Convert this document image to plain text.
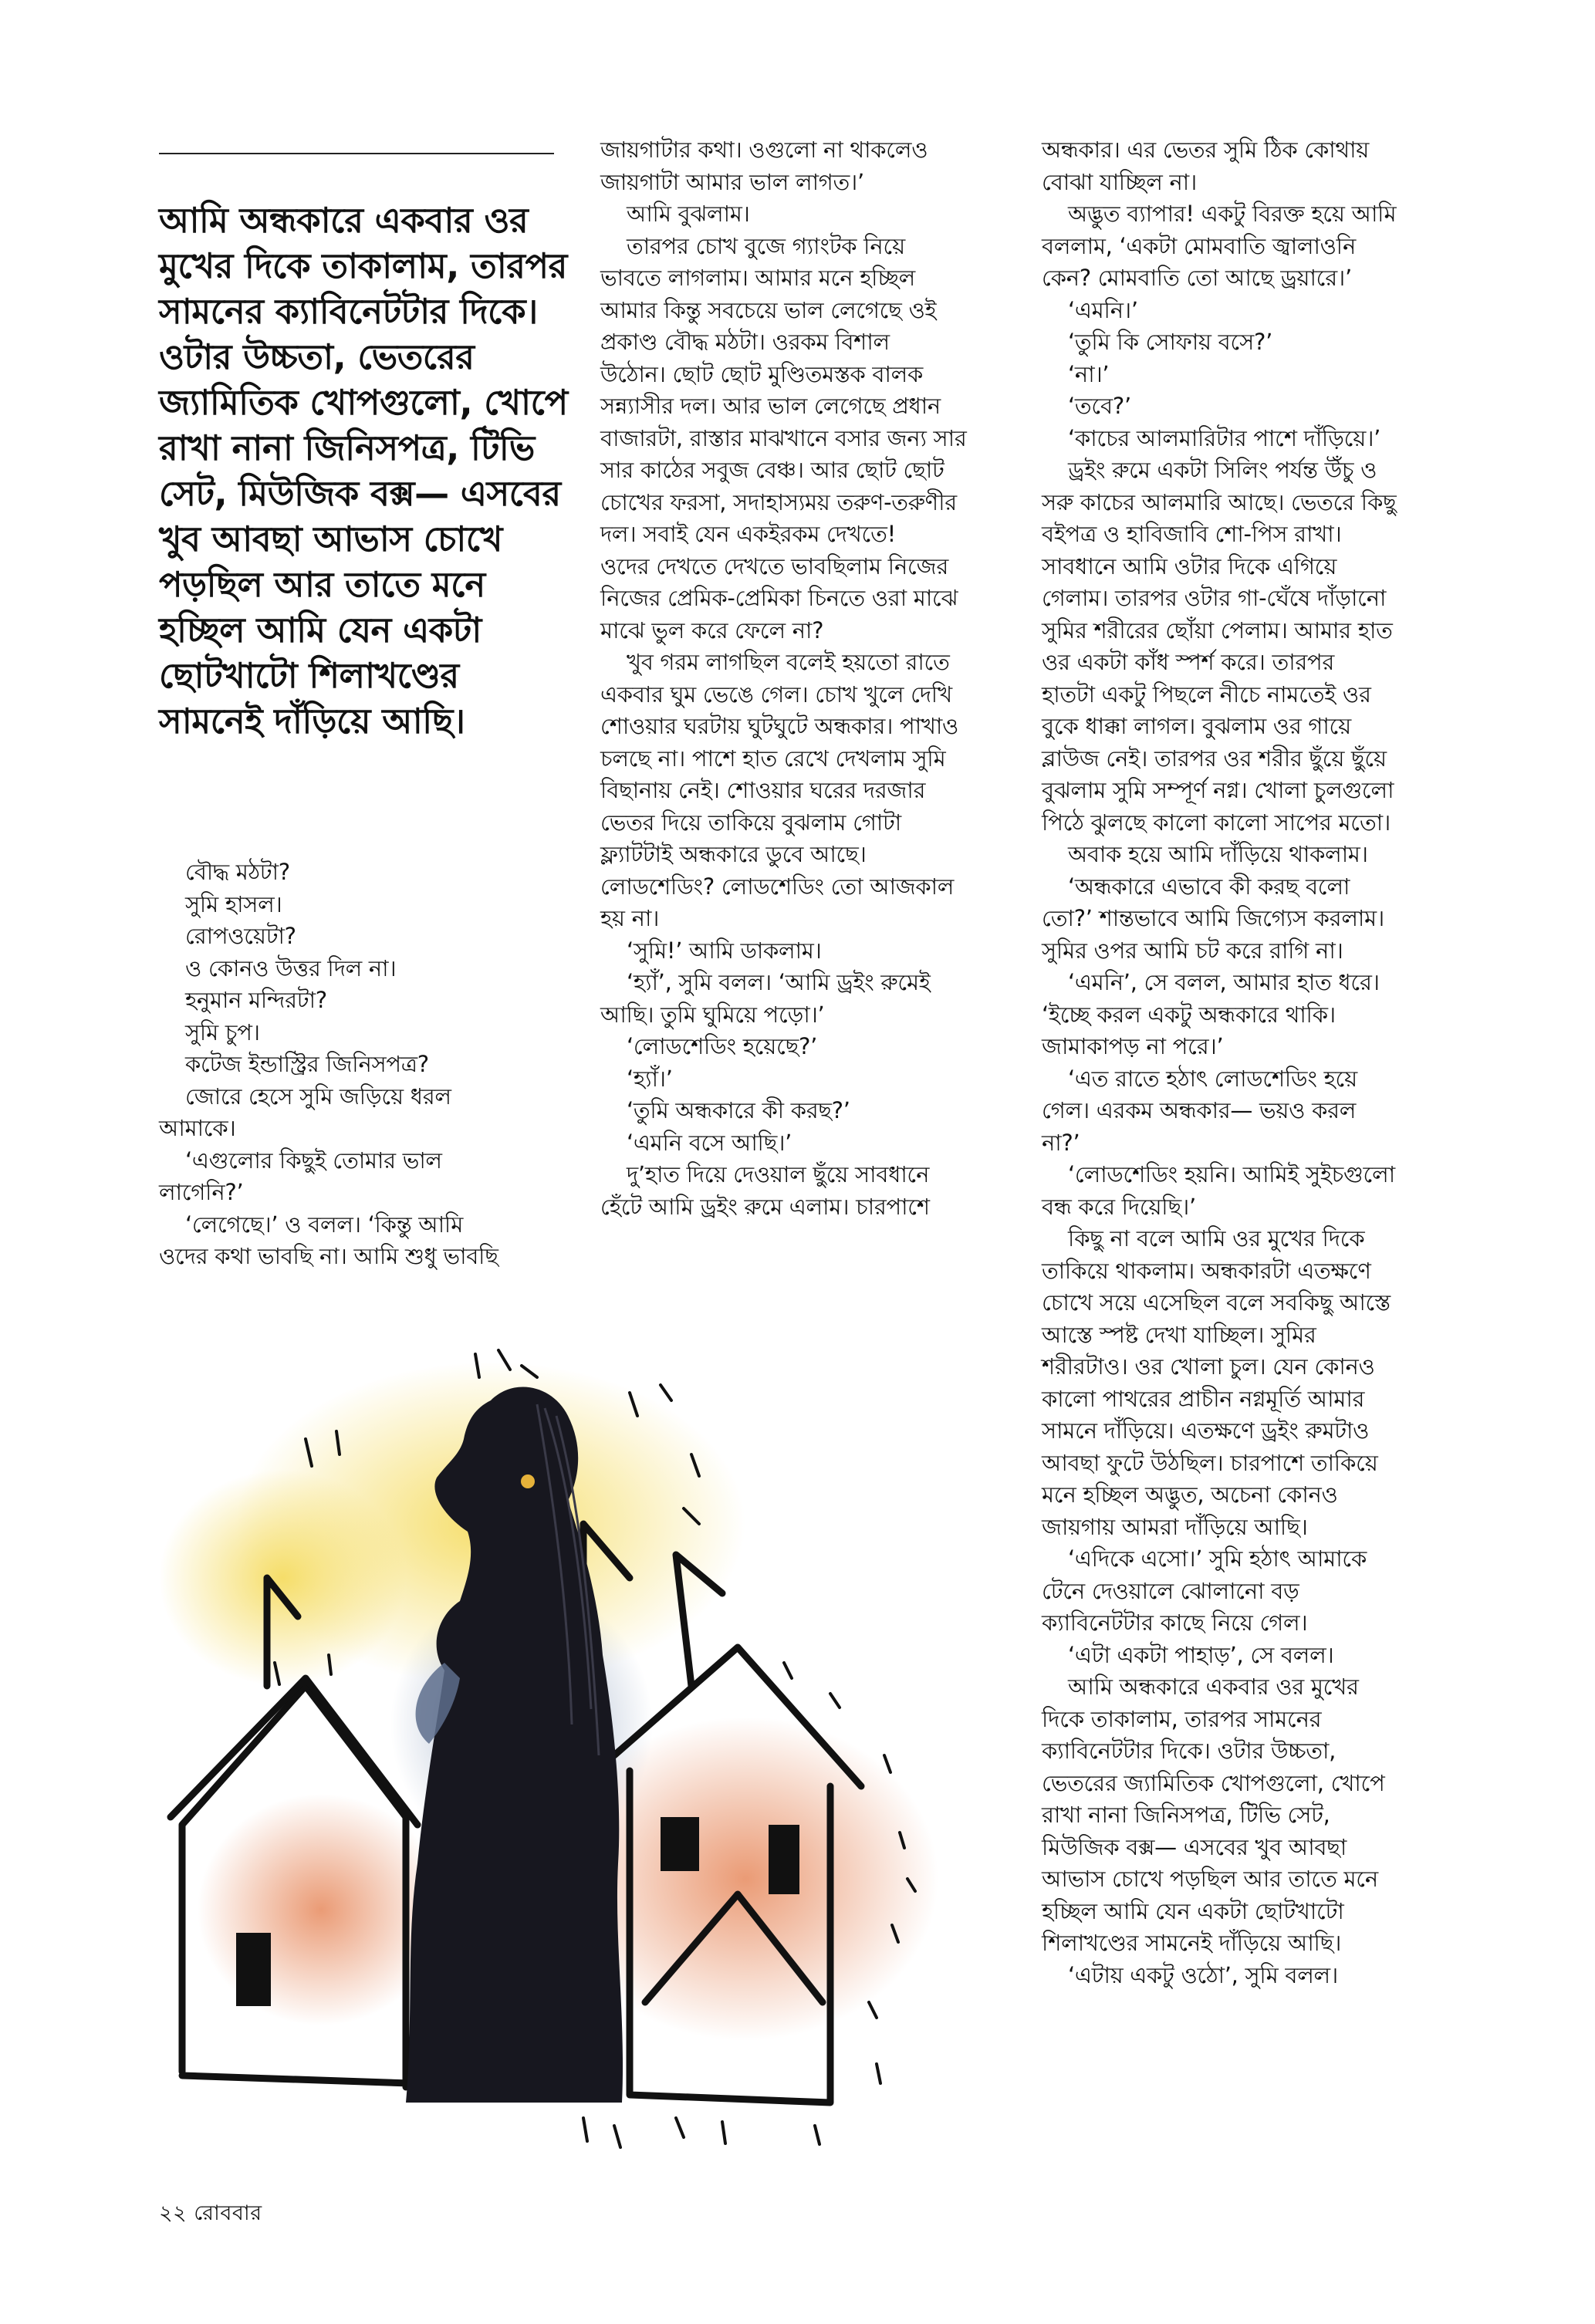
আমি অন্ধকারে একবার ওর মুখের দিকে তাকালাম, তারপর সামনের ক্যাবিনেটটার দিকে। ওটার উচ্চতা, ভেতরের জ্যামিতিক খোপগুলো, খোপে রাখা নানা জিনিসপত্র, টিভি সেট, মিউজিক বক্স— এসবের খুব আবছা আভাস চোখে পড়ছিল আর তাতে মনে হচ্ছিল আমি যেন একটা ছোটখাটো শিলাখণ্ডের সামনেই দাঁড়িয়ে আছি।

বৌদ্ধ মঠটা?
সুমি হাসল।
রোপওয়েটা?
ও কোনও উত্তর দিল না।
হনুমান মন্দিরটা?
সুমি চুপ।
কটেজ ইন্ডাস্ট্রির জিনিসপত্র?
জোরে হেসে সুমি জড়িয়ে ধরল
আমাকে।
‘এগুলোর কিছুই তোমার ভাল
লাগেনি?’
‘লেগেছে।’ ও বলল। ‘কিন্তু আমি
ওদের কথা ভাবছি না। আমি শুধু ভাবছি
জায়গাটার কথা। ওগুলো না থাকলেও
জায়গাটা আমার ভাল লাগত।’
আমি বুঝলাম।
তারপর চোখ বুজে গ্যাংটক নিয়ে
ভাবতে লাগলাম। আমার মনে হচ্ছিল
আমার কিন্তু সবচেয়ে ভাল লেগেছে ওই
প্রকাণ্ড বৌদ্ধ মঠটা। ওরকম বিশাল
উঠোন। ছোট ছোট মুণ্ডিতমস্তক বালক
সন্ন্যাসীর দল। আর ভাল লেগেছে প্রধান
বাজারটা, রাস্তার মাঝখানে বসার জন্য সার
সার কাঠের সবুজ বেঞ্চ। আর ছোট ছোট
চোখের ফরসা, সদাহাস্যময় তরুণ-তরুণীর
দল। সবাই যেন একইরকম দেখতে!
ওদের দেখতে দেখতে ভাবছিলাম নিজের
নিজের প্রেমিক-প্রেমিকা চিনতে ওরা মাঝে
মাঝে ভুল করে ফেলে না?
খুব গরম লাগছিল বলেই হয়তো রাতে
একবার ঘুম ভেঙে গেল। চোখ খুলে দেখি
শোওয়ার ঘরটায় ঘুটঘুটে অন্ধকার। পাখাও
চলছে না। পাশে হাত রেখে দেখলাম সুমি
বিছানায় নেই। শোওয়ার ঘরের দরজার
ভেতর দিয়ে তাকিয়ে বুঝলাম গোটা
ফ্ল্যাটটাই অন্ধকারে ডুবে আছে।
লোডশেডিং? লোডশেডিং তো আজকাল
হয় না।
‘সুমি!’ আমি ডাকলাম।
‘হ্যাঁ’, সুমি বলল। ‘আমি ড্রইং রুমেই
আছি। তুমি ঘুমিয়ে পড়ো।’
‘লোডশেডিং হয়েছে?’
‘হ্যাঁ।’
‘তুমি অন্ধকারে কী করছ?’
‘এমনি বসে আছি।’
দু’হাত দিয়ে দেওয়াল ছুঁয়ে সাবধানে
হেঁটে আমি ড্রইং রুমে এলাম। চারপাশে
অন্ধকার। এর ভেতর সুমি ঠিক কোথায়
বোঝা যাচ্ছিল না।
অদ্ভুত ব্যাপার! একটু বিরক্ত হয়ে আমি
বললাম, ‘একটা মোমবাতি জ্বালাওনি
কেন? মোমবাতি তো আছে ড্রয়ারে।’
‘এমনি।’
‘তুমি কি সোফায় বসে?’
‘না।’
‘তবে?’
‘কাচের আলমারিটার পাশে দাঁড়িয়ে।’
ড্রইং রুমে একটা সিলিং পর্যন্ত উঁচু ও
সরু কাচের আলমারি আছে। ভেতরে কিছু
বইপত্র ও হাবিজাবি শো-পিস রাখা।
সাবধানে আমি ওটার দিকে এগিয়ে
গেলাম। তারপর ওটার গা-ঘেঁষে দাঁড়ানো
সুমির শরীরের ছোঁয়া পেলাম। আমার হাত
ওর একটা কাঁধ স্পর্শ করে। তারপর
হাতটা একটু পিছলে নীচে নামতেই ওর
বুকে ধাক্কা লাগল। বুঝলাম ওর গায়ে
ব্লাউজ নেই। তারপর ওর শরীর ছুঁয়ে ছুঁয়ে
বুঝলাম সুমি সম্পূর্ণ নগ্ন। খোলা চুলগুলো
পিঠে ঝুলছে কালো কালো সাপের মতো।
অবাক হয়ে আমি দাঁড়িয়ে থাকলাম।
‘অন্ধকারে এভাবে কী করছ বলো
তো?’ শান্তভাবে আমি জিগ্যেস করলাম।
সুমির ওপর আমি চট করে রাগি না।
‘এমনি’, সে বলল, আমার হাত ধরে।
‘ইচ্ছে করল একটু অন্ধকারে থাকি।
জামাকাপড় না পরে।’
‘এত রাতে হঠাৎ লোডশেডিং হয়ে
গেল। এরকম অন্ধকার— ভয়ও করল
না?’
‘লোডশেডিং হয়নি। আমিই সুইচগুলো
বন্ধ করে দিয়েছি।’
কিছু না বলে আমি ওর মুখের দিকে
তাকিয়ে থাকলাম। অন্ধকারটা এতক্ষণে
চোখে সয়ে এসেছিল বলে সবকিছু আস্তে
আস্তে স্পষ্ট দেখা যাচ্ছিল। সুমির
শরীরটাও। ওর খোলা চুল। যেন কোনও
কালো পাথরের প্রাচীন নগ্নমূর্তি আমার
সামনে দাঁড়িয়ে। এতক্ষণে ড্রইং রুমটাও
আবছা ফুটে উঠছিল। চারপাশে তাকিয়ে
মনে হচ্ছিল অদ্ভুত, অচেনা কোনও
জায়গায় আমরা দাঁড়িয়ে আছি।
‘এদিকে এসো।’ সুমি হঠাৎ আমাকে
টেনে দেওয়ালে ঝোলানো বড়
ক্যাবিনেটটার কাছে নিয়ে গেল।
‘এটা একটা পাহাড়’, সে বলল।
আমি অন্ধকারে একবার ওর মুখের
দিকে তাকালাম, তারপর সামনের
ক্যাবিনেটটার দিকে। ওটার উচ্চতা,
ভেতরের জ্যামিতিক খোপগুলো, খোপে
রাখা নানা জিনিসপত্র, টিভি সেট,
মিউজিক বক্স— এসবের খুব আবছা
আভাস চোখে পড়ছিল আর তাতে মনে
হচ্ছিল আমি যেন একটা ছোটখাটো
শিলাখণ্ডের সামনেই দাঁড়িয়ে আছি।
‘এটায় একটু ওঠো’, সুমি বলল।
২২ রোববার
